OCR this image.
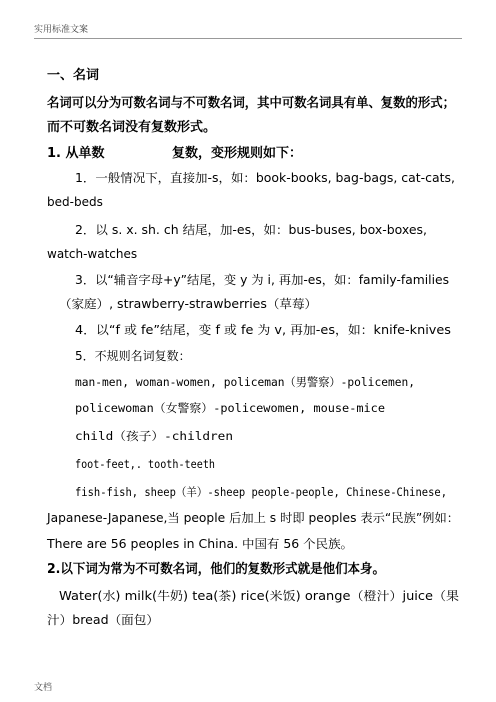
实用标准文案
一、名词
名词可以分为可数名词与不可数名词，其中可数名词具有单、复数的形式；
而不可数名词没有复数形式。
1. 从单数	复数，变形规则如下：
1．一般情况下，直接加-s，如：book-books, bag-bags, cat-cats,
bed-beds
2．以 s. x. sh. ch 结尾，加-es，如：bus-buses, box-boxes,
watch-watches
3．以“辅音字母+y”结尾，变 y 为 i, 再加-es，如：family-families
（家庭）, strawberry-strawberries（草莓）
4．以“f 或 fe”结尾，变 f 或 fe 为 v, 再加-es，如：knife-knives
5．不规则名词复数：
man-men, woman-women, policeman（男警察）-policemen,
policewoman（女警察）-policewomen, mouse-mice
child（孩子）-children
foot-feet,. tooth-teeth
fish-fish, sheep（羊）-sheep people-people, Chinese-Chinese,
Japanese-Japanese,当 people 后加上 s 时即 peoples 表示“民族”例如：
There are 56 peoples in China. 中国有 56 个民族。
2.以下词为常为不可数名词，他们的复数形式就是他们本身。
Water(水) milk(牛奶) tea(茶) rice(米饭) orange（橙汁）juice（果
汁）bread（面包）
文档
